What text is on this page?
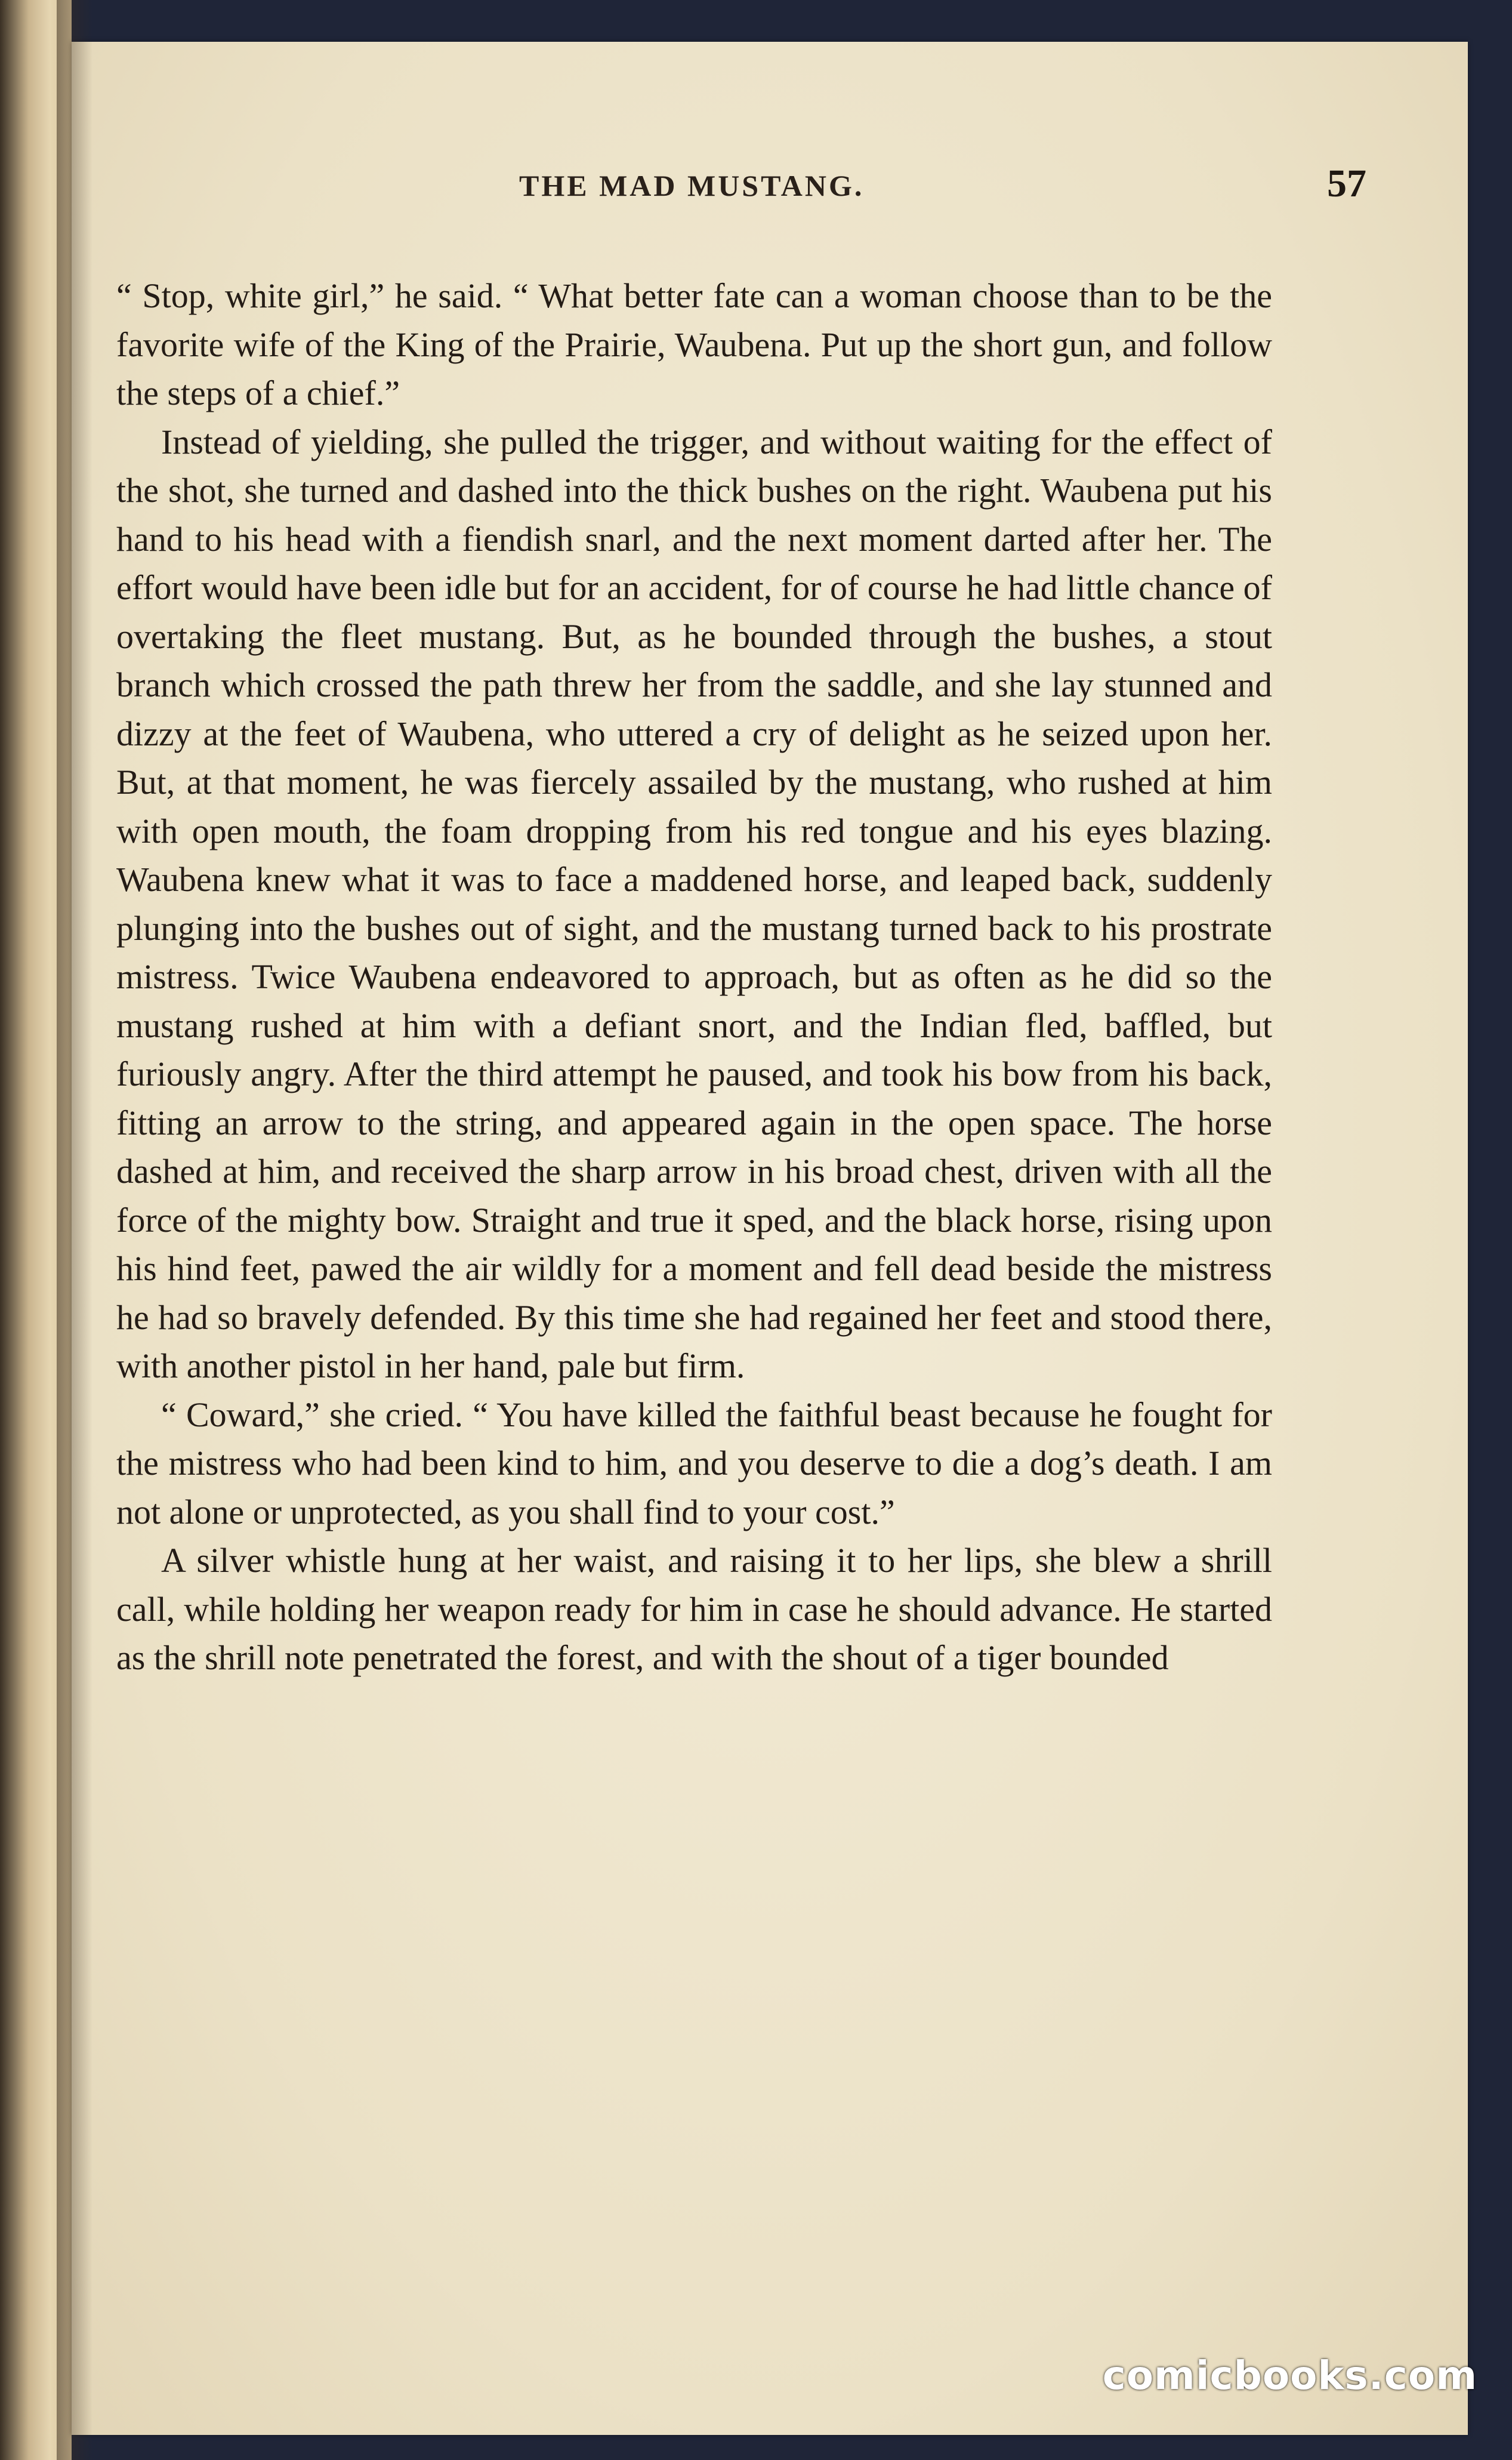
THE MAD MUSTANG.	57

“ Stop, white girl,” he said. “ What better fate can a woman choose than to be the favorite wife of the King of the Prairie, Waubena. Put up the short gun, and follow the steps of a chief.”

Instead of yielding, she pulled the trigger, and without waiting for the effect of the shot, she turned and dashed into the thick bushes on the right. Waubena put his hand to his head with a fiendish snarl, and the next moment darted after her. The effort would have been idle but for an accident, for of course he had little chance of overtaking the fleet mustang. But, as he bounded through the bushes, a stout branch which crossed the path threw her from the saddle, and she lay stunned and dizzy at the feet of Waubena, who uttered a cry of delight as he seized upon her. But, at that moment, he was fiercely assailed by the mustang, who rushed at him with open mouth, the foam dropping from his red tongue and his eyes blazing. Waubena knew what it was to face a maddened horse, and leaped back, suddenly plunging into the bushes out of sight, and the mustang turned back to his prostrate mistress. Twice Waubena endeavored to approach, but as often as he did so the mustang rushed at him with a defiant snort, and the Indian fled, baffled, but furiously angry. After the third attempt he paused, and took his bow from his back, fitting an arrow to the string, and appeared again in the open space. The horse dashed at him, and received the sharp arrow in his broad chest, driven with all the force of the mighty bow. Straight and true it sped, and the black horse, rising upon his hind feet, pawed the air wildly for a moment and fell dead beside the mistress he had so bravely defended. By this time she had regained her feet and stood there, with another pistol in her hand, pale but firm.

“ Coward,” she cried. “ You have killed the faithful beast because he fought for the mistress who had been kind to him, and you deserve to die a dog’s death. I am not alone or unprotected, as you shall find to your cost.”

A silver whistle hung at her waist, and raising it to her lips, she blew a shrill call, while holding her weapon ready for him in case he should advance. He started as the shrill note penetrated the forest, and with the shout of a tiger bounded

comicbooks.com
